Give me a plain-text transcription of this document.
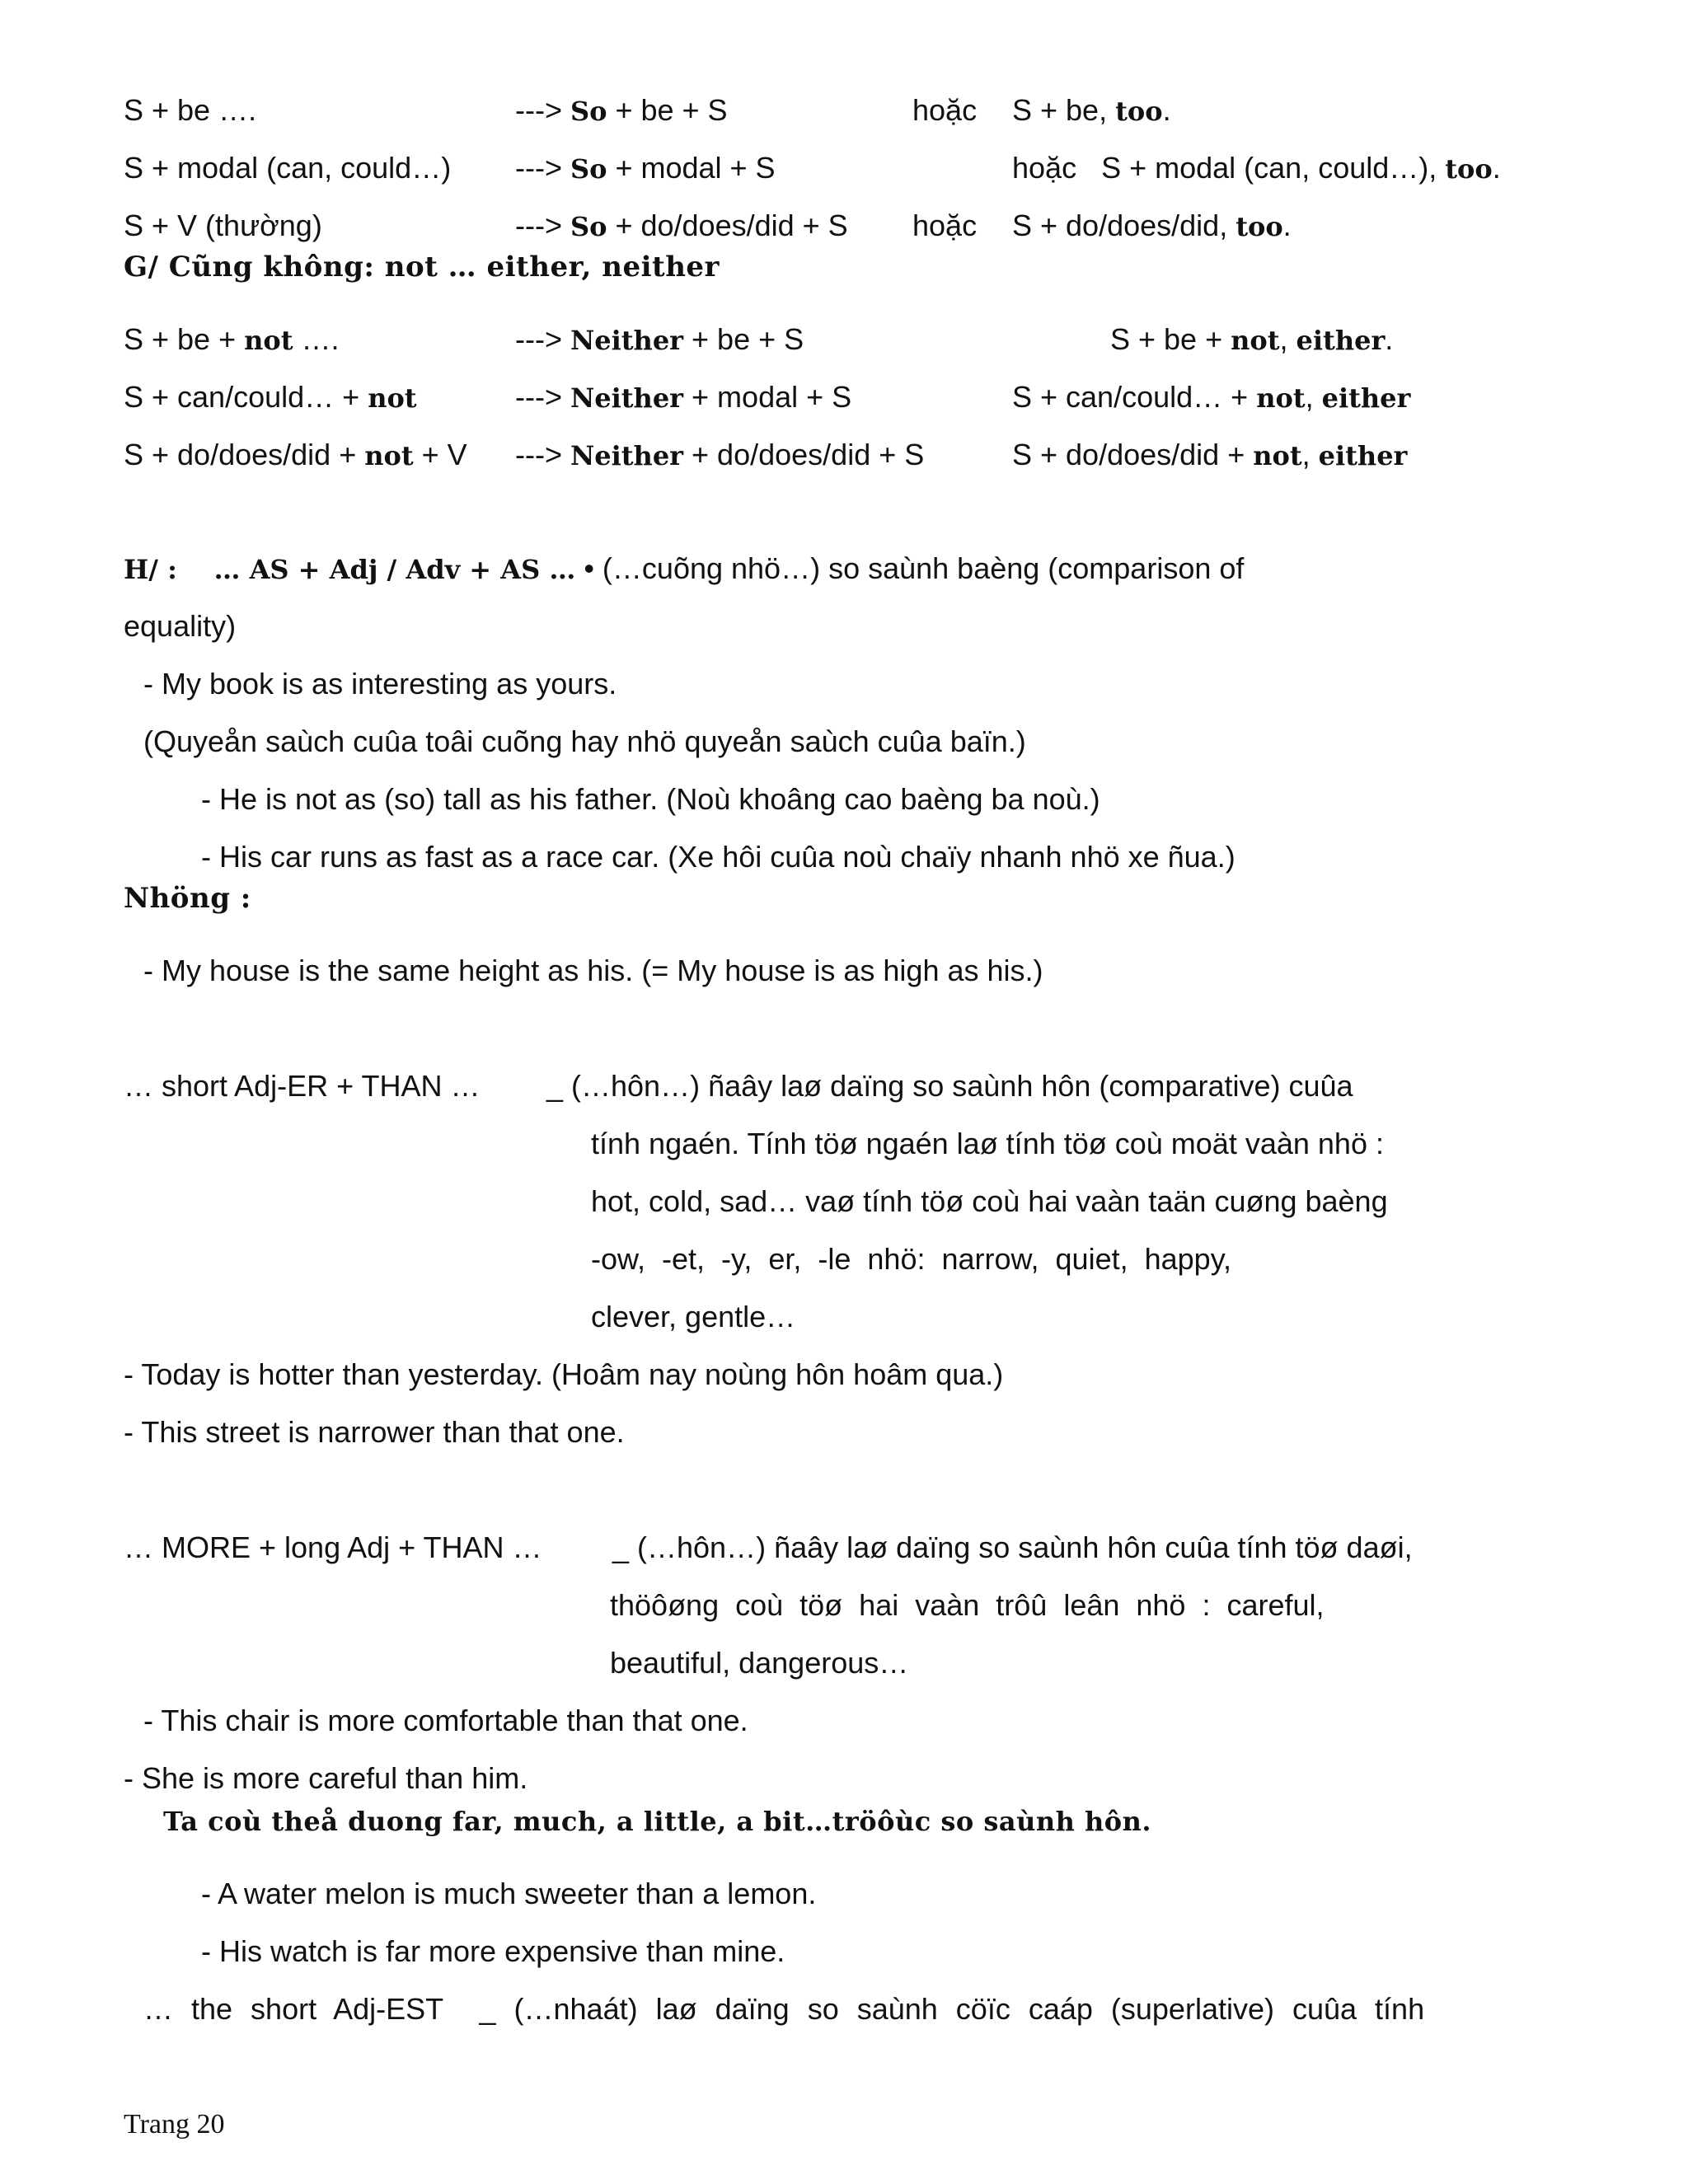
S + be ….	---> So + be + S	hoặc S + be, too.
S + modal (can, could…) ---> So + modal + S	hoặc   S + modal (can, could…), too.
S + V (thường)	---> So + do/does/did + S hoặc S + do/does/did, too.
G/ Cũng không: not … either, neither
S + be + not ….	---> Neither + be + S	S + be + not, either.
S + can/could… + not	---> Neither + modal + S	S + can/could… + not, either
S + do/does/did + not + V ---> Neither + do/does/did + S	S + do/does/did + not, either
H/ :    … AS + Adj / Adv + AS … • (…cuõng nhö…) so saùnh baèng (comparison of
equality)
- My book is as interesting as yours.
(Quyeån saùch cuûa toâi cuõng hay nhö quyeån saùch cuûa baïn.)
- He is not as (so) tall as his father. (Noù khoâng cao baèng ba noù.)
- His car runs as fast as a race car. (Xe hôi cuûa noù chaïy nhanh nhö xe ñua.)
Nhöng :
- My house is the same height as his. (= My house is as high as his.)
… short Adj-ER + THAN … _ (…hôn…) ñaây laø daïng so saùnh hôn (comparative) cuûa
tính ngaén. Tính töø ngaén laø tính töø coù moät vaàn nhö :
hot, cold, sad… vaø tính töø coù hai vaàn taän cuøng baèng
-ow,  -et,  -y,  er,  -le  nhö:  narrow,  quiet,  happy,
clever, gentle…
- Today is hotter than yesterday. (Hoâm nay noùng hôn hoâm qua.)
- This street is narrower than that one.
… MORE + long Adj + THAN … _ (…hôn…) ñaây laø daïng so saùnh hôn cuûa tính töø daøi,
thöôøng  coù  töø  hai  vaàn  trôû  leân  nhö  :  careful,
beautiful, dangerous…
- This chair is more comfortable than that one.
- She is more careful than him.
Ta coù theå duong far, much, a little, a bit…tröôùc so saùnh hôn.
- A water melon is much sweeter than a lemon.
- His watch is far more expensive than mine.
…  the  short  Adj-EST    _  (…nhaát)  laø  daïng  so  saùnh  cöïc  caáp  (superlative)  cuûa  tính
Trang 20
